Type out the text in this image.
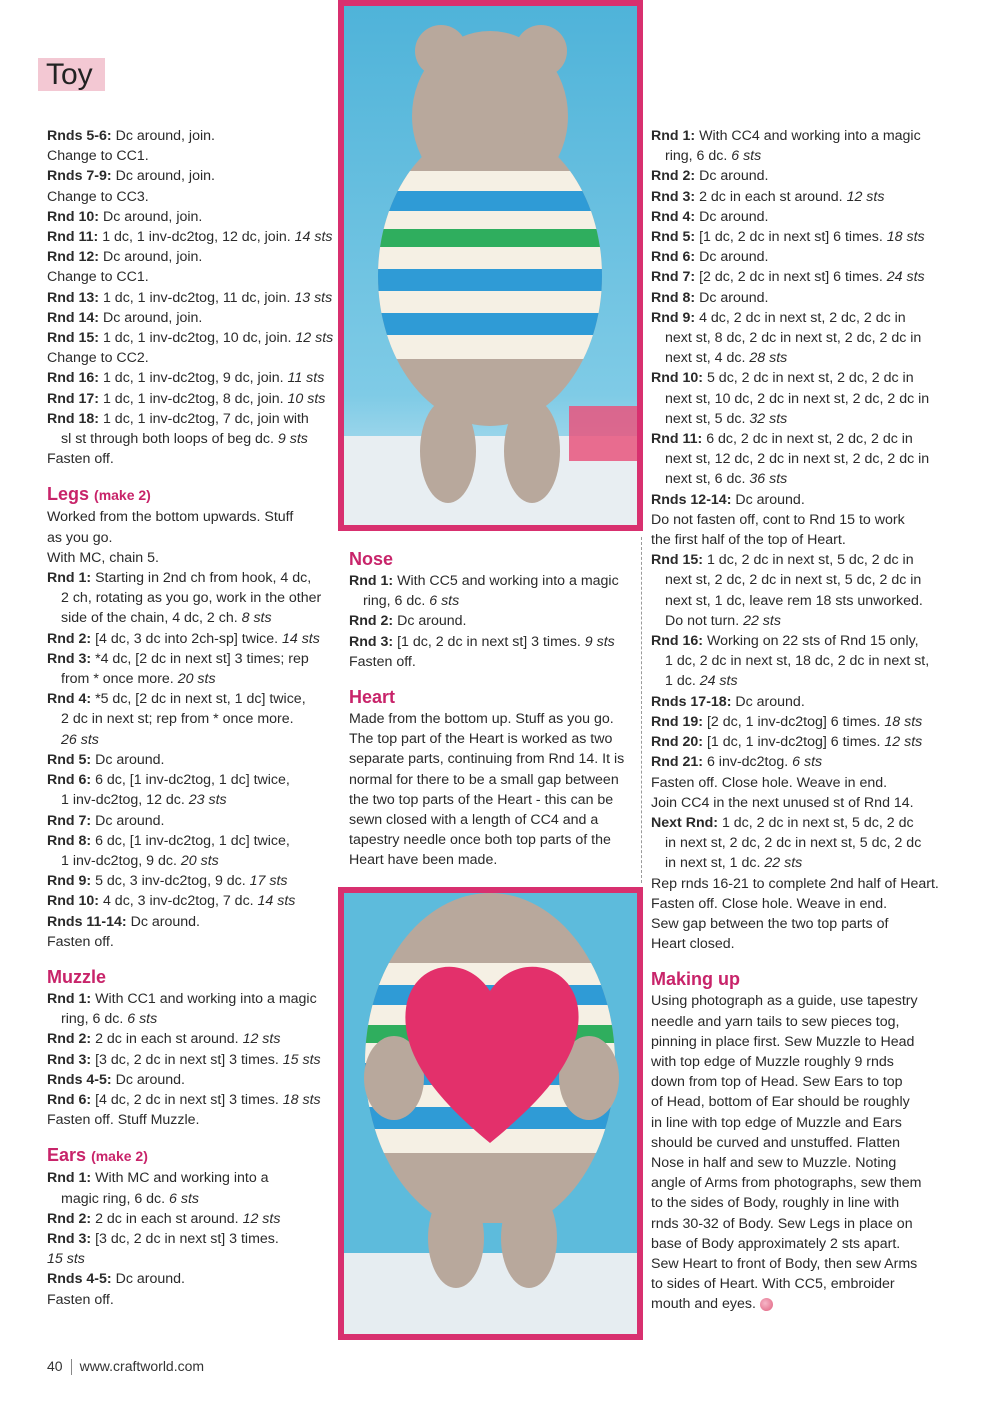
Toy
Rnds 5-6: Dc around, join.
Change to CC1.
Rnds 7-9: Dc around, join.
Change to CC3.
Rnd 10: Dc around, join.
Rnd 11: 1 dc, 1 inv-dc2tog, 12 dc, join. 14 sts
Rnd 12: Dc around, join.
Change to CC1.
Rnd 13: 1 dc, 1 inv-dc2tog, 11 dc, join. 13 sts
Rnd 14: Dc around, join.
Rnd 15: 1 dc, 1 inv-dc2tog, 10 dc, join. 12 sts
Change to CC2.
Rnd 16: 1 dc, 1 inv-dc2tog, 9 dc, join. 11 sts
Rnd 17: 1 dc, 1 inv-dc2tog, 8 dc, join. 10 sts
Rnd 18: 1 dc, 1 inv-dc2tog, 7 dc, join with
sl st through both loops of beg dc. 9 sts
Fasten off.
Legs (make 2)
Worked from the bottom upwards. Stuff
as you go.
With MC, chain 5.
Rnd 1: Starting in 2nd ch from hook, 4 dc,
2 ch, rotating as you go, work in the other
side of the chain, 4 dc, 2 ch. 8 sts
Rnd 2: [4 dc, 3 dc into 2ch-sp] twice. 14 sts
Rnd 3: *4 dc, [2 dc in next st] 3 times; rep
from * once more. 20 sts
Rnd 4: *5 dc, [2 dc in next st, 1 dc] twice,
2 dc in next st; rep from * once more.
26 sts
Rnd 5: Dc around.
Rnd 6: 6 dc, [1 inv-dc2tog, 1 dc] twice,
1 inv-dc2tog, 12 dc. 23 sts
Rnd 7: Dc around.
Rnd 8: 6 dc, [1 inv-dc2tog, 1 dc] twice,
1 inv-dc2tog, 9 dc. 20 sts
Rnd 9: 5 dc, 3 inv-dc2tog, 9 dc. 17 sts
Rnd 10: 4 dc, 3 inv-dc2tog, 7 dc. 14 sts
Rnds 11-14: Dc around.
Fasten off.
Muzzle
Rnd 1: With CC1 and working into a magic
ring, 6 dc. 6 sts
Rnd 2: 2 dc in each st around. 12 sts
Rnd 3: [3 dc, 2 dc in next st] 3 times. 15 sts
Rnds 4-5: Dc around.
Rnd 6: [4 dc, 2 dc in next st] 3 times. 18 sts
Fasten off. Stuff Muzzle.
Ears (make 2)
Rnd 1: With MC and working into a
magic ring, 6 dc. 6 sts
Rnd 2: 2 dc in each st around. 12 sts
Rnd 3: [3 dc, 2 dc in next st] 3 times.
15 sts
Rnds 4-5: Dc around.
Fasten off.
Nose
Rnd 1: With CC5 and working into a magic
ring, 6 dc. 6 sts
Rnd 2: Dc around.
Rnd 3: [1 dc, 2 dc in next st] 3 times. 9 sts
Fasten off.
Heart
Made from the bottom up. Stuff as you go.
The top part of the Heart is worked as two
separate parts, continuing from Rnd 14. It is
normal for there to be a small gap between
the two top parts of the Heart - this can be
sewn closed with a length of CC4 and a
tapestry needle once both top parts of the
Heart have been made.
Rnd 1: With CC4 and working into a magic
ring, 6 dc. 6 sts
Rnd 2: Dc around.
Rnd 3: 2 dc in each st around. 12 sts
Rnd 4: Dc around.
Rnd 5: [1 dc, 2 dc in next st] 6 times. 18 sts
Rnd 6: Dc around.
Rnd 7: [2 dc, 2 dc in next st] 6 times. 24 sts
Rnd 8: Dc around.
Rnd 9: 4 dc, 2 dc in next st, 2 dc, 2 dc in
next st, 8 dc, 2 dc in next st, 2 dc, 2 dc in
next st, 4 dc. 28 sts
Rnd 10: 5 dc, 2 dc in next st, 2 dc, 2 dc in
next st, 10 dc, 2 dc in next st, 2 dc, 2 dc in
next st, 5 dc. 32 sts
Rnd 11: 6 dc, 2 dc in next st, 2 dc, 2 dc in
next st, 12 dc, 2 dc in next st, 2 dc, 2 dc in
next st, 6 dc. 36 sts
Rnds 12-14: Dc around.
Do not fasten off, cont to Rnd 15 to work
the first half of the top of Heart.
Rnd 15: 1 dc, 2 dc in next st, 5 dc, 2 dc in
next st, 2 dc, 2 dc in next st, 5 dc, 2 dc in
next st, 1 dc, leave rem 18 sts unworked.
Do not turn. 22 sts
Rnd 16: Working on 22 sts of Rnd 15 only,
1 dc, 2 dc in next st, 18 dc, 2 dc in next st,
1 dc. 24 sts
Rnds 17-18: Dc around.
Rnd 19: [2 dc, 1 inv-dc2tog] 6 times. 18 sts
Rnd 20: [1 dc, 1 inv-dc2tog] 6 times. 12 sts
Rnd 21: 6 inv-dc2tog. 6 sts
Fasten off. Close hole. Weave in end.
Join CC4 in the next unused st of Rnd 14.
Next Rnd: 1 dc, 2 dc in next st, 5 dc, 2 dc
in next st, 2 dc, 2 dc in next st, 5 dc, 2 dc
in next st, 1 dc. 22 sts
Rep rnds 16-21 to complete 2nd half of Heart.
Fasten off. Close hole. Weave in end.
Sew gap between the two top parts of
Heart closed.
Making up
Using photograph as a guide, use tapestry
needle and yarn tails to sew pieces tog,
pinning in place first. Sew Muzzle to Head
with top edge of Muzzle roughly 9 rnds
down from top of Head. Sew Ears to top
of Head, bottom of Ear should be roughly
in line with top edge of Muzzle and Ears
should be curved and unstuffed. Flatten
Nose in half and sew to Muzzle. Noting
angle of Arms from photographs, sew them
to the sides of Body, roughly in line with
rnds 30-32 of Body. Sew Legs in place on
base of Body approximately 2 sts apart.
Sew Heart to front of Body, then sew Arms
to sides of Heart. With CC5, embroider
mouth and eyes.
40 www.craftworld.com
